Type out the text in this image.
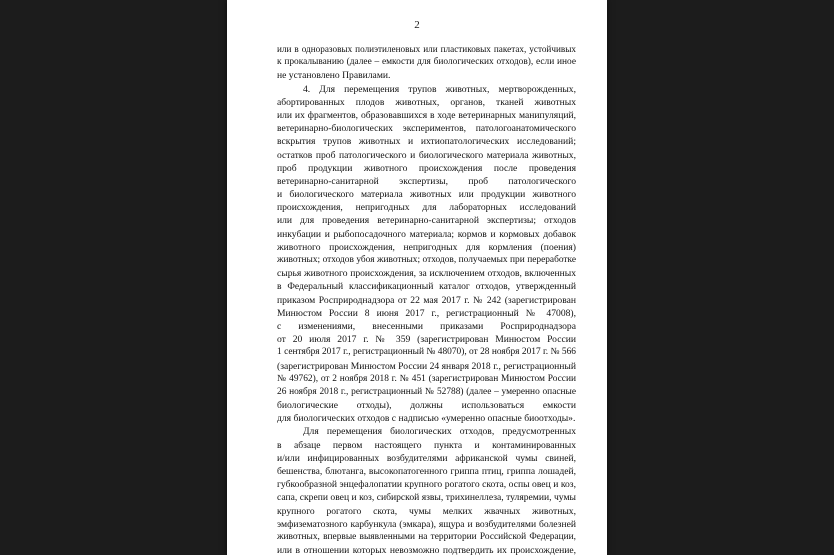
2
или в одноразовых полиэтиленовых или пластиковых пакетах, устойчивых
к прокалыванию (далее – емкости для биологических отходов), если иное
не установлено Правилами.
4. Для перемещения трупов животных, мертворожденных,
абортированных плодов животных, органов, тканей животных
или их фрагментов, образовавшихся в ходе ветеринарных манипуляций,
ветеринарно-биологических экспериментов, патологоанатомического
вскрытия трупов животных и ихтиопатологических исследований;
остатков проб патологического и биологического материала животных,
проб продукции животного происхождения после проведения
ветеринарно-санитарной экспертизы, проб патологического
и биологического материала животных или продукции животного
происхождения, непригодных для лабораторных исследований
или для проведения ветеринарно-санитарной экспертизы; отходов
инкубации и рыбопосадочного материала; кормов и кормовых добавок
животного происхождения, непригодных для кормления (поения)
животных; отходов убоя животных; отходов, получаемых при переработке
сырья животного происхождения, за исключением отходов, включенных
в Федеральный классификационный каталог отходов, утвержденный
приказом Росприроднадзора от 22 мая 2017 г. № 242 (зарегистрирован
Минюстом России 8 июня 2017 г., регистрационный № 47008),
с изменениями, внесенными приказами Росприроднадзора
от 20 июля 2017 г. № 359 (зарегистрирован Минюстом России
1 сентября 2017 г., регистрационный № 48070), от 28 ноября 2017 г. № 566
(зарегистрирован Минюстом России 24 января 2018 г., регистрационный
№ 49762), от 2 ноября 2018 г. № 451 (зарегистрирован Минюстом России
26 ноября 2018 г., регистрационный № 52788) (далее – умеренно опасные
биологические отходы), должны использоваться емкости
для биологических отходов с надписью «умеренно опасные биоотходы».
Для перемещения биологических отходов, предусмотренных
в абзаце первом настоящего пункта и контаминированных
и/или инфицированных возбудителями африканской чумы свиней,
бешенства, блютанга, высокопатогенного гриппа птиц, гриппа лошадей,
губкообразной энцефалопатии крупного рогатого скота, оспы овец и коз,
сапа, скрепи овец и коз, сибирской язвы, трихинеллеза, туляремии, чумы
крупного рогатого скота, чумы мелких жвачных животных,
эмфизематозного карбункула (эмкара), ящура и возбудителями болезней
животных, впервые выявленными на территории Российской Федерации,
или в отношении которых невозможно подтвердить их происхождение,
